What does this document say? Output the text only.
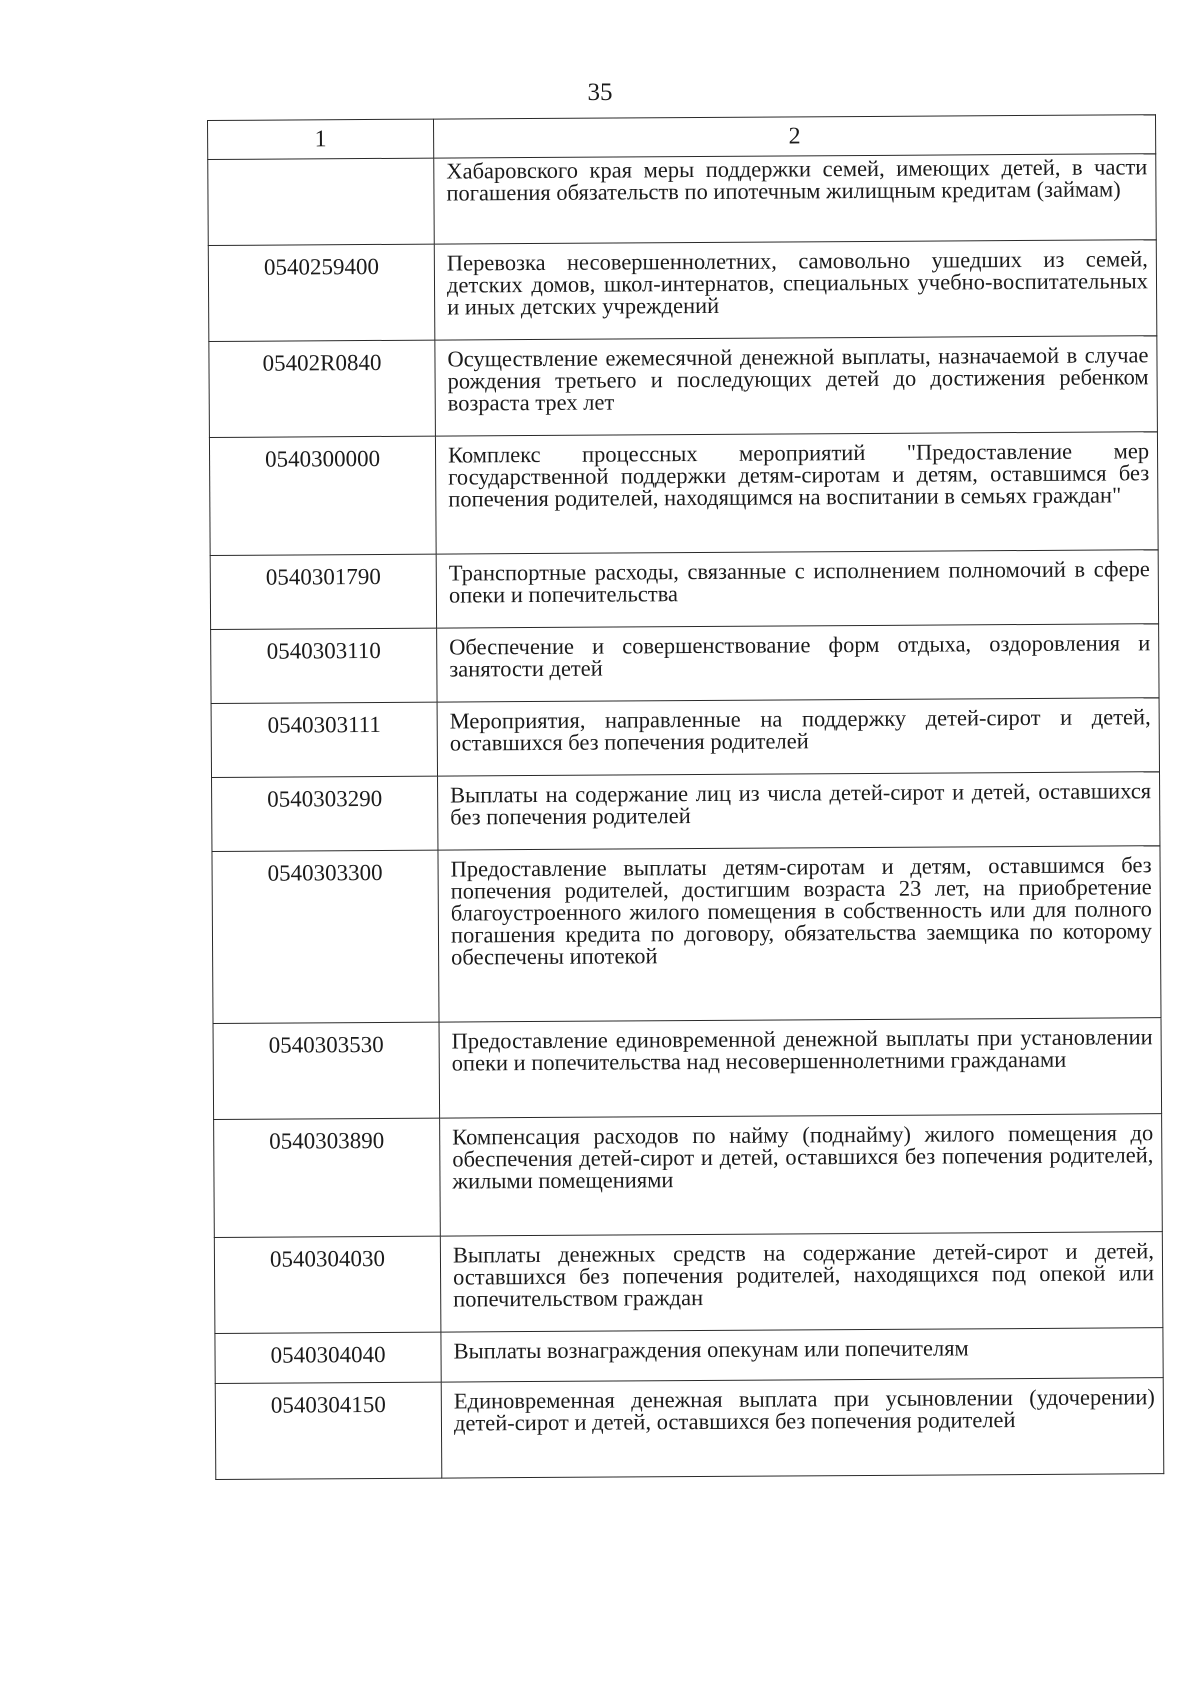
35
1	2
	Хабаровского края меры поддержки семей, имеющих детей, в части погашения обязательств по ипотечным жилищным кредитам (займам)
0540259400	Перевозка несовершеннолетних, самовольно ушедших из семей, детских домов, школ-интернатов, специальных учебно-воспитательных и иных детских учреждений
05402R0840	Осуществление ежемесячной денежной выплаты, назначаемой в случае рождения третьего и последующих детей до достижения ребенком возраста трех лет
0540300000	Комплекс процессных мероприятий "Предоставление мер государственной поддержки детям-сиротам и детям, оставшимся без попечения родителей, находящимся на воспитании в семьях граждан"
0540301790	Транспортные расходы, связанные с исполнением полномочий в сфере опеки и попечительства
0540303110	Обеспечение и совершенствование форм отдыха, оздоровления и занятости детей
0540303111	Мероприятия, направленные на поддержку детей-сирот и детей, оставшихся без попечения родителей
0540303290	Выплаты на содержание лиц из числа детей-сирот и детей, оставшихся без попечения родителей
0540303300	Предоставление выплаты детям-сиротам и детям, оставшимся без попечения родителей, достигшим возраста 23 лет, на приобретение благоустроенного жилого помещения в собственность или для полного погашения кредита по договору, обязательства заемщика по которому обеспечены ипотекой
0540303530	Предоставление единовременной денежной выплаты при установлении опеки и попечительства над несовершеннолетними гражданами
0540303890	Компенсация расходов по найму (поднайму) жилого помещения до обеспечения детей-сирот и детей, оставшихся без попечения родителей, жилыми помещениями
0540304030	Выплаты денежных средств на содержание детей-сирот и детей, оставшихся без попечения родителей, находящихся под опекой или попечительством граждан
0540304040	Выплаты вознаграждения опекунам или попечителям
0540304150	Единовременная денежная выплата при усыновлении (удочерении) детей-сирот и детей, оставшихся без попечения родителей
